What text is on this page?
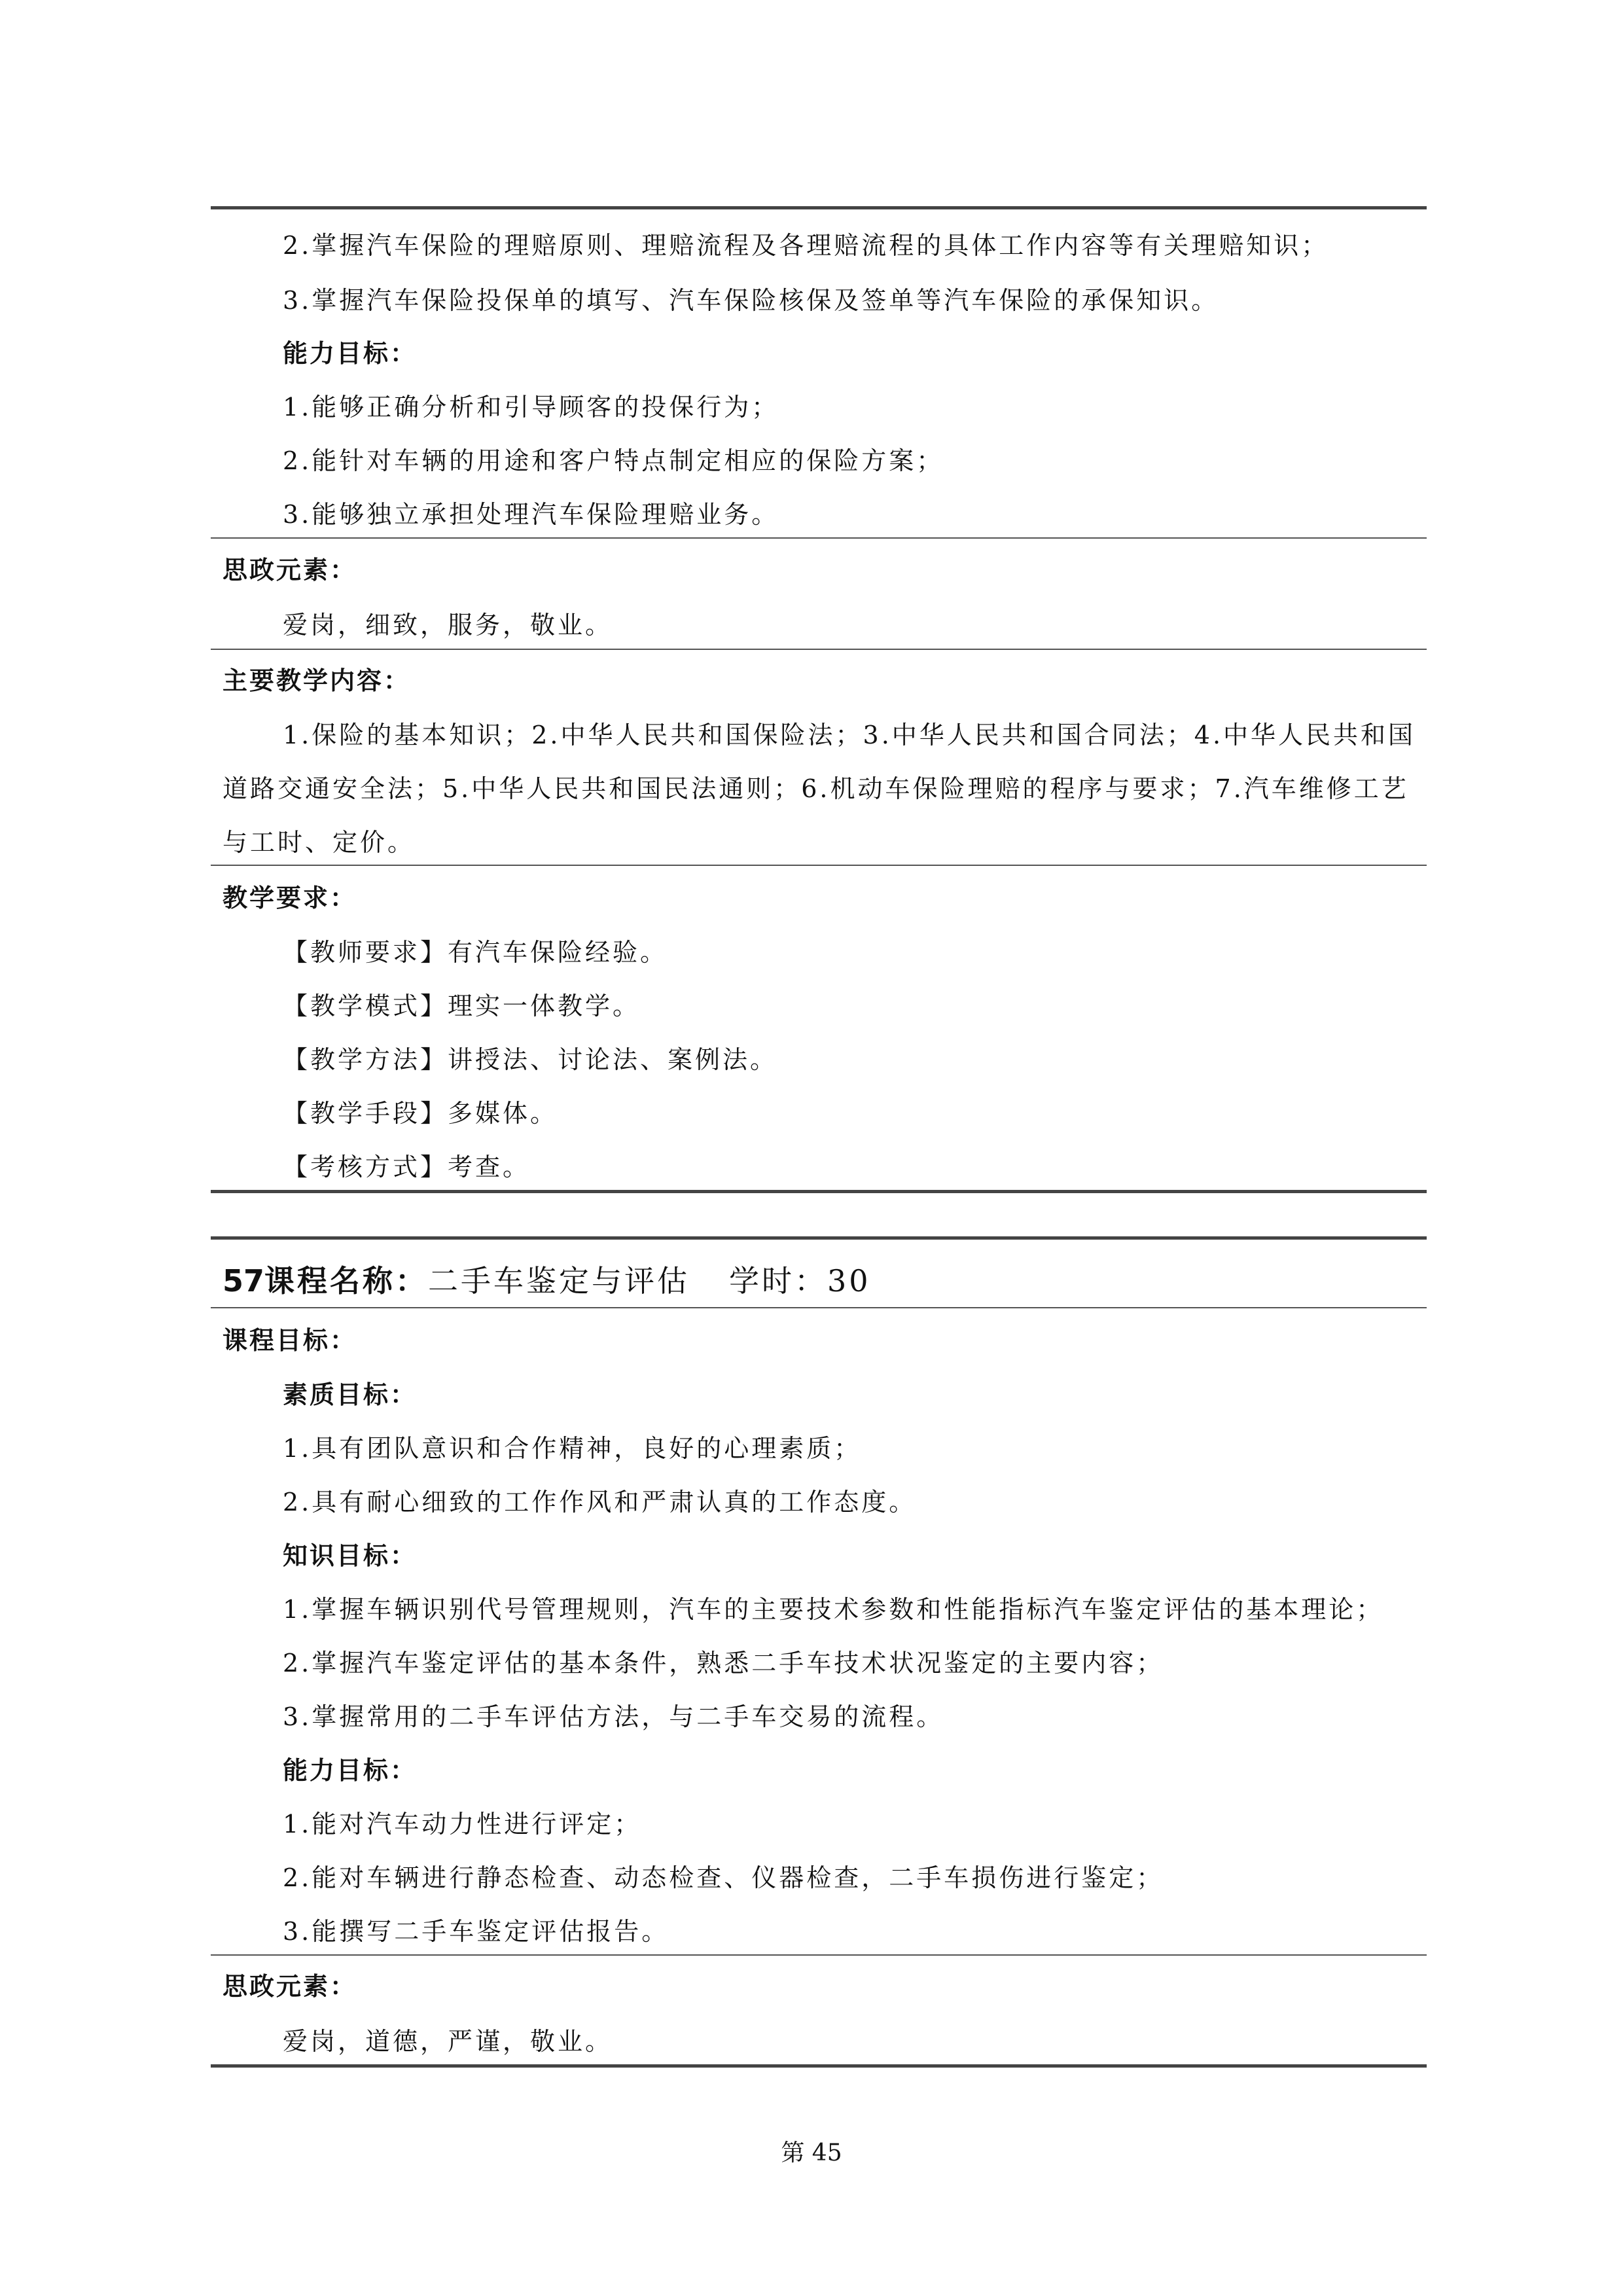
2.掌握汽车保险的理赔原则、理赔流程及各理赔流程的具体工作内容等有关理赔知识；
3.掌握汽车保险投保单的填写、汽车保险核保及签单等汽车保险的承保知识。
能力目标：
1.能够正确分析和引导顾客的投保行为；
2.能针对车辆的用途和客户特点制定相应的保险方案；
3.能够独立承担处理汽车保险理赔业务。
思政元素：
爱岗，细致，服务，敬业。
主要教学内容：
1.保险的基本知识；2.中华人民共和国保险法；3.中华人民共和国合同法；4.中华人民共和国
道路交通安全法；5.中华人民共和国民法通则；6.机动车保险理赔的程序与要求；7.汽车维修工艺
与工时、定价。
教学要求：
【教师要求】有汽车保险经验。
【教学模式】理实一体教学。
【教学方法】讲授法、讨论法、案例法。
【教学手段】多媒体。
【考核方式】考查。
57课程名称：二手车鉴定与评估 学时：30
课程目标：
素质目标：
1.具有团队意识和合作精神，良好的心理素质；
2.具有耐心细致的工作作风和严肃认真的工作态度。
知识目标：
1.掌握车辆识别代号管理规则，汽车的主要技术参数和性能指标汽车鉴定评估的基本理论；
2.掌握汽车鉴定评估的基本条件，熟悉二手车技术状况鉴定的主要内容；
3.掌握常用的二手车评估方法，与二手车交易的流程。
能力目标：
1.能对汽车动力性进行评定；
2.能对车辆进行静态检查、动态检查、仪器检查，二手车损伤进行鉴定；
3.能撰写二手车鉴定评估报告。
思政元素：
爱岗，道德，严谨，敬业。
第 45
